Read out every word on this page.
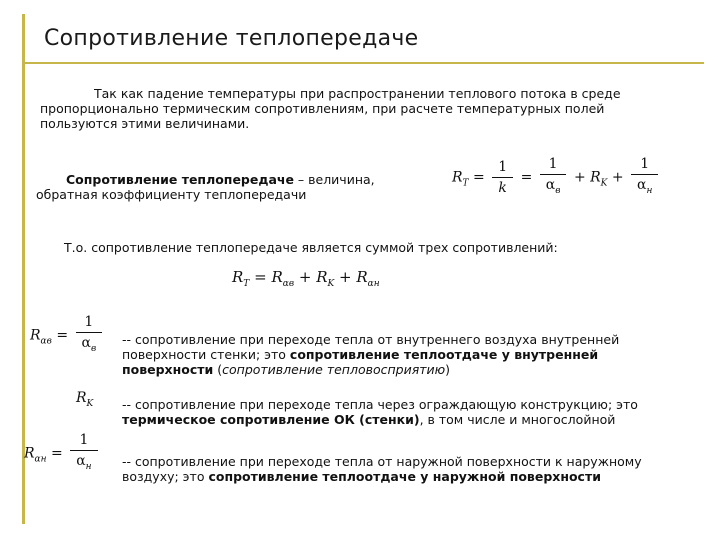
Сопротивление теплопередаче
Так как падение температуры при распространении теплового потока в среде пропорционально термическим сопротивлениям, при расчете температурных полей пользуются этими величинами.
Сопротивление теплопередаче – величина, обратная коэффициенту теплопередачи
$R_T = \frac{1}{k} = \frac{1}{\alpha_в} + R_K + \frac{1}{\alpha_н}$
Т.о. сопротивление теплопередаче является суммой трех сопротивлений:
$R_T = R_{\alpha в} + R_K + R_{\alpha н}$
$R_{\alpha в} = \frac{1}{\alpha_в}$ -- сопротивление при переходе тепла от внутреннего воздуха внутренней поверхности стенки; это сопротивление теплоотдаче у внутренней поверхности (сопротивление тепловосприятию)
$R_K$ -- сопротивление при переходе тепла через ограждающую конструкцию; это термическое сопротивление ОК (стенки), в том числе и многослойной
$R_{\alpha н} = \frac{1}{\alpha_н}$ -- сопротивление при переходе тепла от наружной поверхности к наружному воздуху; это сопротивление теплоотдаче у наружной поверхности
